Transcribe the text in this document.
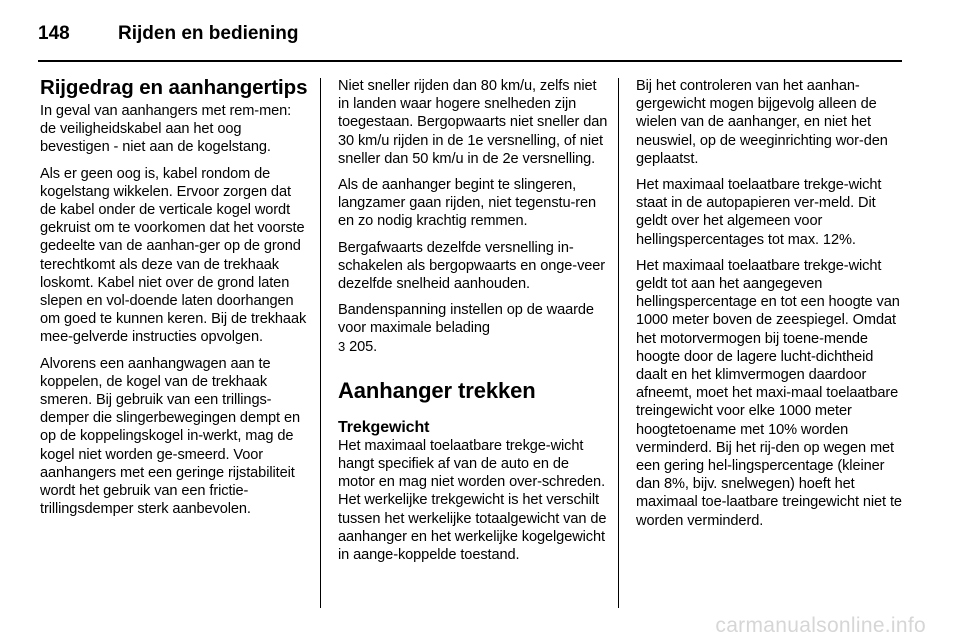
148	Rijden en bediening
Rijgedrag en aanhangertips

In geval van aanhangers met rem-men: de veiligheidskabel aan het oog bevestigen - niet aan de kogelstang.

Als er geen oog is, kabel rondom de kogelstang wikkelen. Ervoor zorgen dat de kabel onder de verticale kogel wordt gekruist om te voorkomen dat het voorste gedeelte van de aanhan-ger op de grond terechtkomt als deze van de trekhaak loskomt. Kabel niet over de grond laten slepen en vol-doende laten doorhangen om goed te kunnen keren. Bij de trekhaak mee-gelverde instructies opvolgen.

Alvorens een aanhangwagen aan te koppelen, de kogel van de trekhaak smeren. Bij gebruik van een trillings-demper die slingerbewegingen dempt en op de koppelingskogel in-werkt, mag de kogel niet worden ge-smeerd. Voor aanhangers met een geringe rijstabiliteit wordt het gebruik van een frictie-trillingsdemper sterk aanbevolen.

Niet sneller rijden dan 80 km/u, zelfs niet in landen waar hogere snelheden zijn toegestaan. Bergopwaarts niet sneller dan 30 km/u rijden in de 1e versnelling, of niet sneller dan 50 km/u in de 2e versnelling.

Als de aanhanger begint te slingeren, langzamer gaan rijden, niet tegenstu-ren en zo nodig krachtig remmen.

Bergafwaarts dezelfde versnelling in-schakelen als bergopwaarts en onge-veer dezelfde snelheid aanhouden.

Bandenspanning instellen op de waarde voor maximale belading
3 205.

Aanhanger trekken
Trekgewicht

Het maximaal toelaatbare trekge-wicht hangt specifiek af van de auto en de motor en mag niet worden over-schreden. Het werkelijke trekgewicht is het verschilt tussen het werkelijke totaalgewicht van de aanhanger en het werkelijke kogelgewicht in aange-koppelde toestand.

Bij het controleren van het aanhan-gergewicht mogen bijgevolg alleen de wielen van de aanhanger, en niet het neuswiel, op de weeginrichting wor-den geplaatst.

Het maximaal toelaatbare trekge-wicht staat in de autopapieren ver-meld. Dit geldt over het algemeen voor hellingspercentages tot max. 12%.

Het maximaal toelaatbare trekge-wicht geldt tot aan het aangegeven hellingspercentage en tot een hoogte van 1000 meter boven de zeespiegel. Omdat het motorvermogen bij toene-mende hoogte door de lagere lucht-dichtheid daalt en het klimvermogen daardoor afneemt, moet het maxi-maal toelaatbare treingewicht voor elke 1000 meter hoogtetoename met 10% worden verminderd. Bij het rij-den op wegen met een gering hel-lingspercentage (kleiner dan 8%, bijv. snelwegen) hoeft het maximaal toe-laatbare treingewicht niet te worden verminderd.

carmanualsonline.info
